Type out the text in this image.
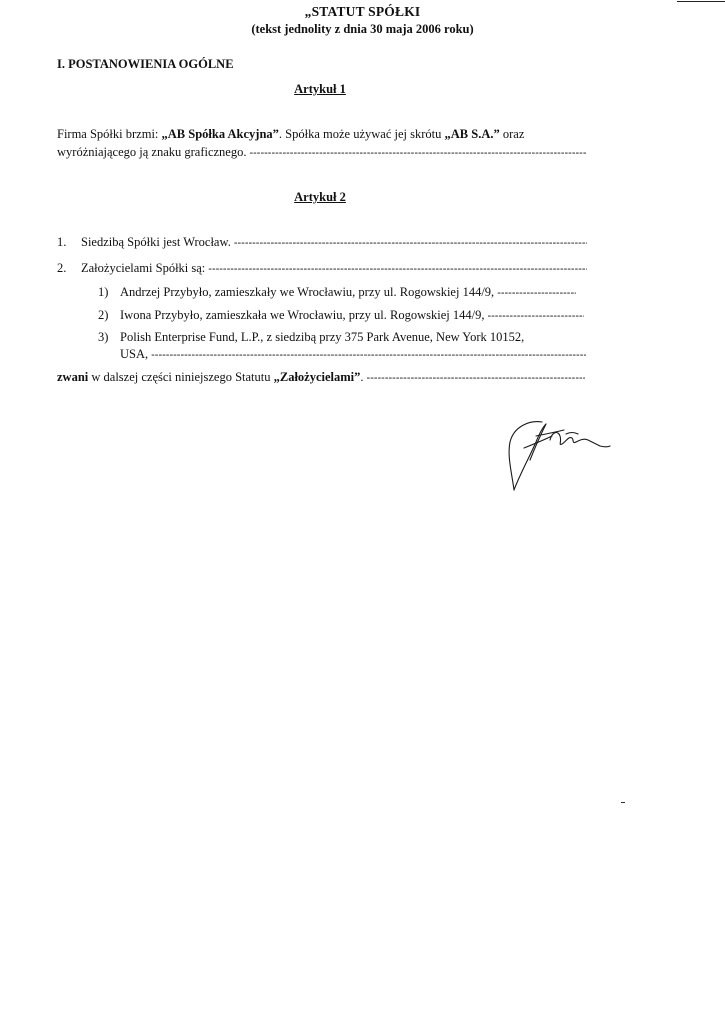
„STATUT SPÓŁKI
(tekst jednolity z dnia 30 maja 2006 roku)
I. POSTANOWIENIA OGÓLNE
Artykuł 1
Firma Spółki brzmi: „AB Spółka Akcyjna”. Spółka może używać jej skrótu „AB S.A.” oraz
wyróżniającego ją znaku graficznego.
-----
Artykuł 2
1.	Siedzibą Spółki jest Wrocław.
-----
2.	Założycielami Spółki są:
-----
1) Andrzej Przybyło, zamieszkały we Wrocławiu, przy ul. Rogowskiej 144/9,
-----
2) Iwona Przybyło, zamieszkała we Wrocławiu, przy ul. Rogowskiej 144/9,
-----
3) Polish Enterprise Fund, L.P., z siedzibą przy 375 Park Avenue, New York 10152,
USA,
-----
zwani w dalszej części niniejszego Statutu „Założycielami”.
-----
